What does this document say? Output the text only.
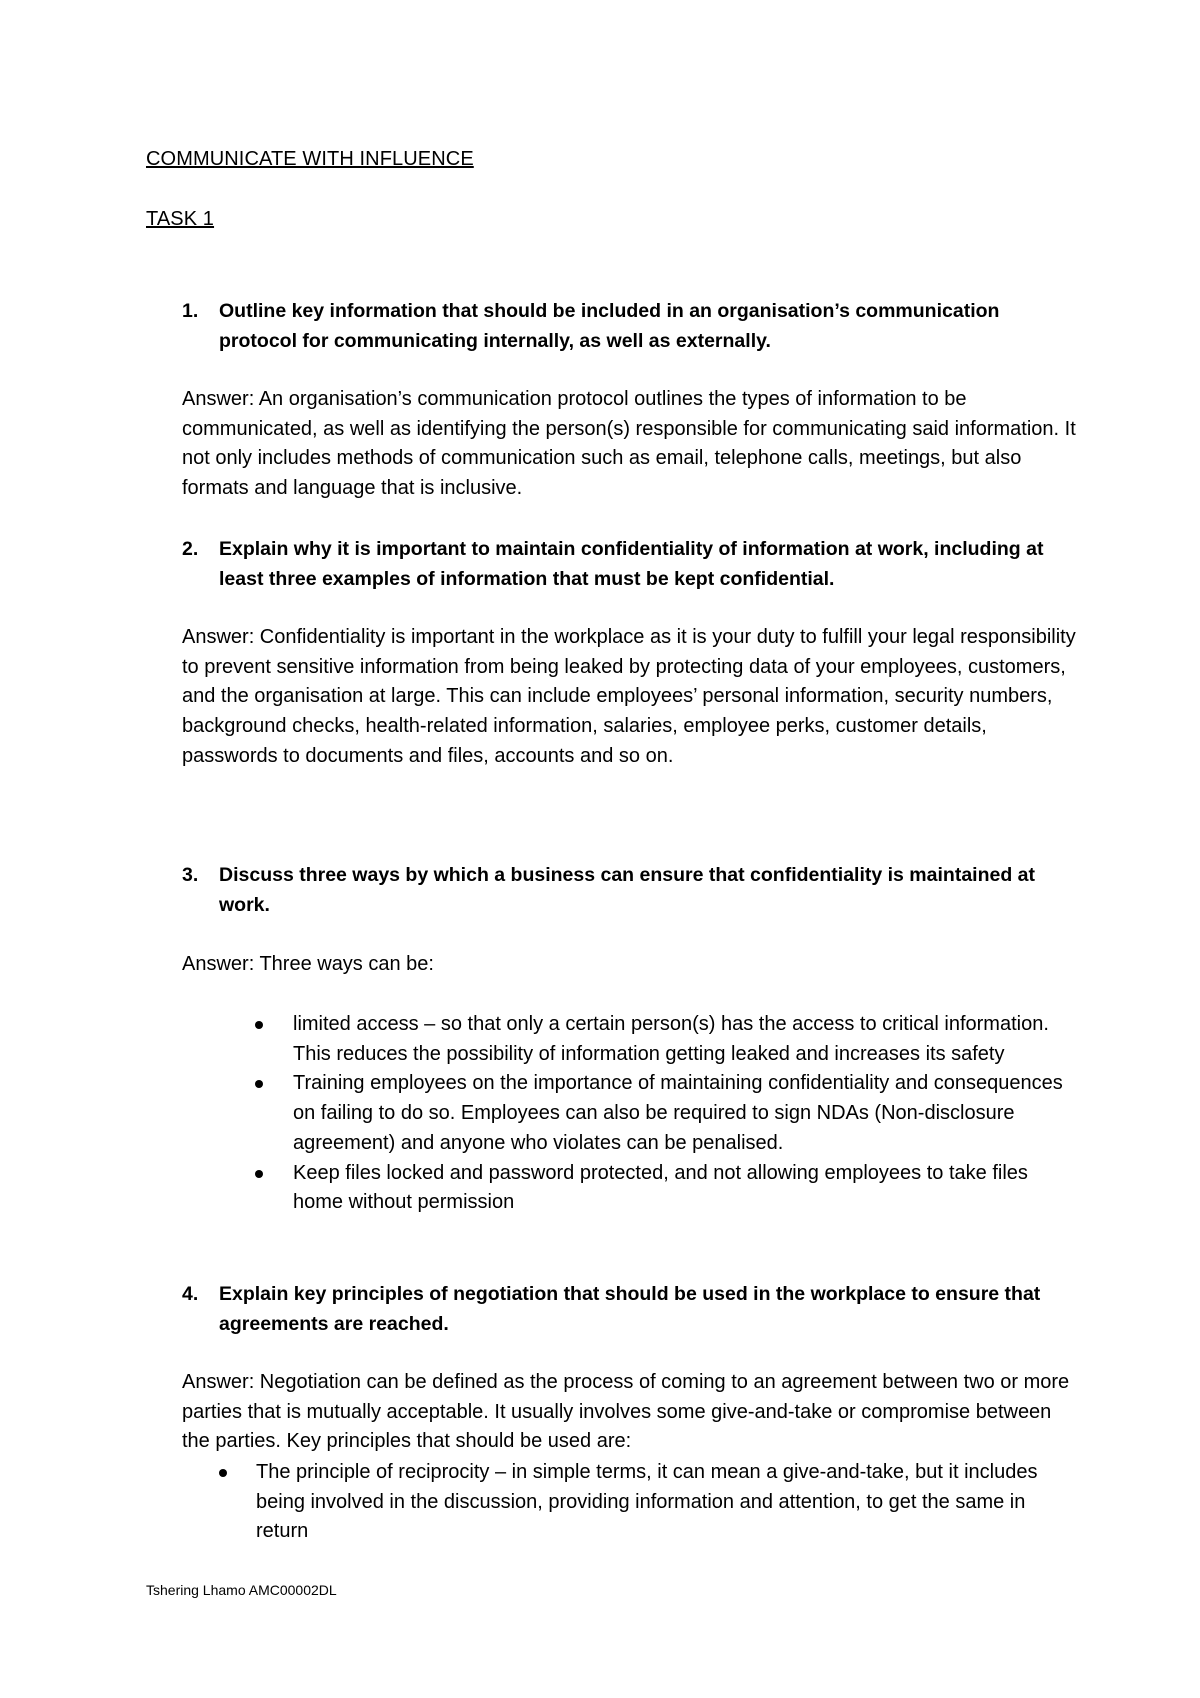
COMMUNICATE WITH INFLUENCE
TASK 1
1. Outline key information that should be included in an organisation’s communication protocol for communicating internally, as well as externally.
Answer: An organisation’s communication protocol outlines the types of information to be communicated, as well as identifying the person(s) responsible for communicating said information. It not only includes methods of communication such as email, telephone calls, meetings, but also formats and language that is inclusive.
2. Explain why it is important to maintain confidentiality of information at work, including at least three examples of information that must be kept confidential.
Answer: Confidentiality is important in the workplace as it is your duty to fulfill your legal responsibility to prevent sensitive information from being leaked by protecting data of your employees, customers, and the organisation at large. This can include employees’ personal information, security numbers, background checks, health-related information, salaries, employee perks, customer details, passwords to documents and files, accounts and so on.
3. Discuss three ways by which a business can ensure that confidentiality is maintained at work.
Answer: Three ways can be:
limited access – so that only a certain person(s) has the access to critical information. This reduces the possibility of information getting leaked and increases its safety
Training employees on the importance of maintaining confidentiality and consequences on failing to do so. Employees can also be required to sign NDAs (Non-disclosure agreement) and anyone who violates can be penalised.
Keep files locked and password protected, and not allowing employees to take files home without permission
4. Explain key principles of negotiation that should be used in the workplace to ensure that agreements are reached.
Answer: Negotiation can be defined as the process of coming to an agreement between two or more parties that is mutually acceptable. It usually involves some give-and-take or compromise between the parties. Key principles that should be used are:
The principle of reciprocity – in simple terms, it can mean a give-and-take, but it includes being involved in the discussion, providing information and attention, to get the same in return
Tshering Lhamo AMC00002DL
